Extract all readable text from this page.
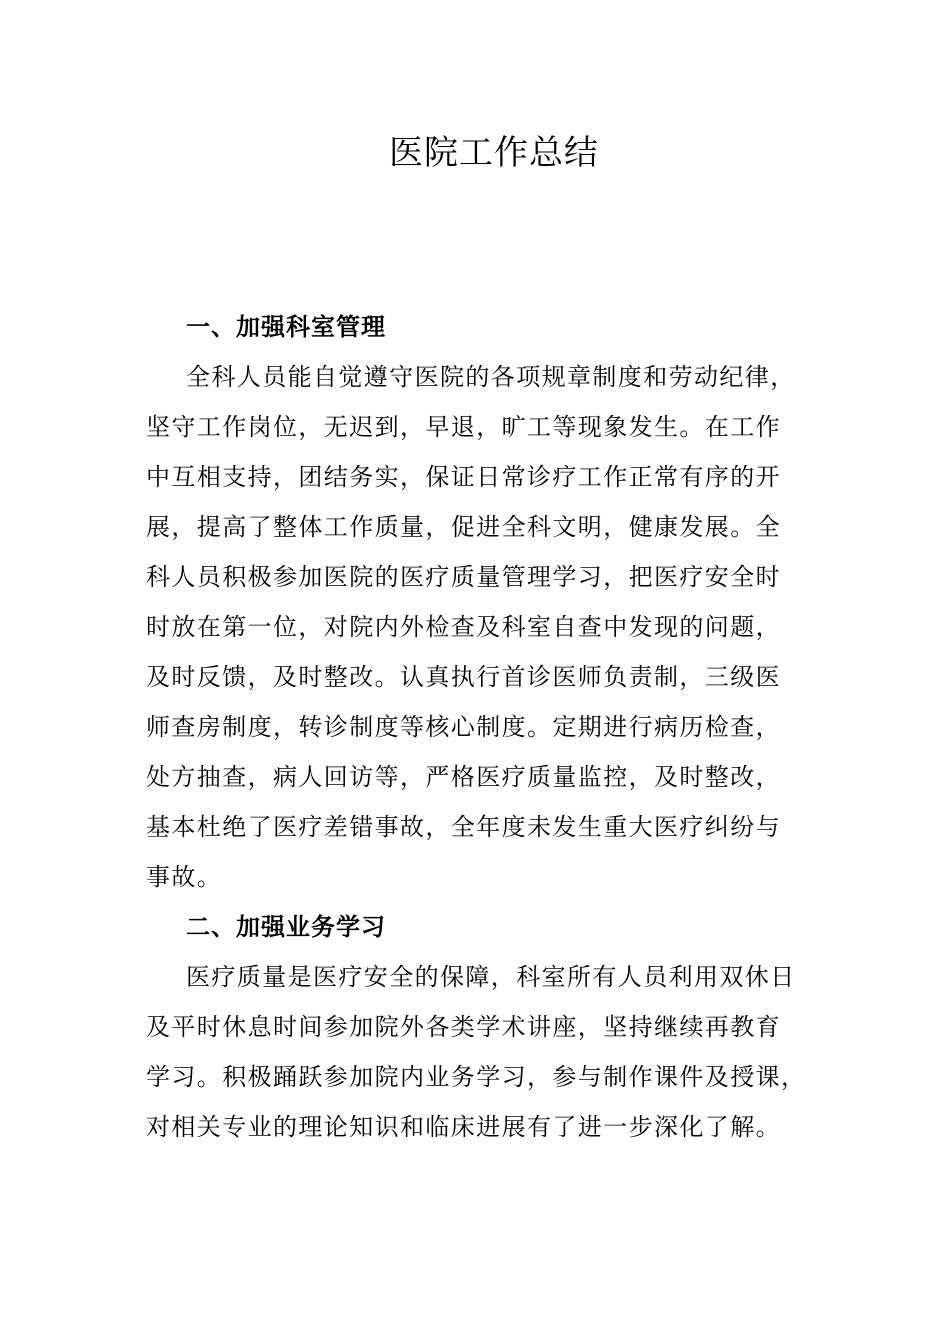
医院工作总结
一、加强科室管理
全科人员能自觉遵守医院的各项规章制度和劳动纪律，
坚守工作岗位，无迟到，早退，旷工等现象发生。在工作
中互相支持，团结务实，保证日常诊疗工作正常有序的开
展，提高了整体工作质量，促进全科文明，健康发展。全
科人员积极参加医院的医疗质量管理学习，把医疗安全时
时放在第一位，对院内外检查及科室自查中发现的问题，
及时反馈，及时整改。认真执行首诊医师负责制，三级医
师查房制度，转诊制度等核心制度。定期进行病历检查，
处方抽查，病人回访等，严格医疗质量监控，及时整改，
基本杜绝了医疗差错事故，全年度未发生重大医疗纠纷与
事故。
二、加强业务学习
医疗质量是医疗安全的保障，科室所有人员利用双休日
及平时休息时间参加院外各类学术讲座，坚持继续再教育
学习。积极踊跃参加院内业务学习，参与制作课件及授课，
对相关专业的理论知识和临床进展有了进一步深化了解。
